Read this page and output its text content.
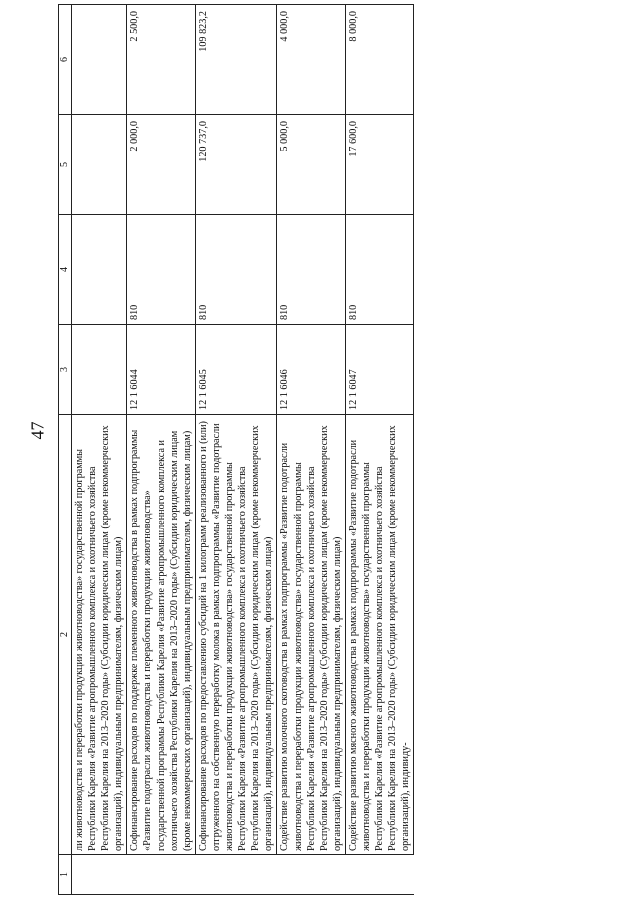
47
1	2	3	4	5	6
	ли животноводства и переработки продукции животноводства» государственной программы Республики Карелия «Развитие агропромышленного комплекса и охотничьего хозяйства Республики Карелия на 2013–2020 годы» (Субсидии юридическим лицам (кроме некоммерческих организаций), индивидуальным предпринимателям, физическим лицам)				
	Софинансирование расходов по поддержке племенного животноводства в рамках подпрограммы «Развитие подотрасли животноводства и переработки продукции животноводства» государственной программы Республики Карелия «Развитие агропромышленного комплекса и охотничьего хозяйства Республики Карелия на 2013–2020 годы» (Субсидии юридическим лицам (кроме некоммерческих организаций), индивидуальным предпринимателям, физическим лицам)	12 1 6044	810	2 000,0	2 500,0
	Софинансирование расходов по предоставлению субсидий на 1 килограмм реализованного и (или) отгруженного на собственную переработку молока в рамках подпрограммы «Развитие подотрасли животноводства и переработки продукции животноводства» государственной программы Республики Карелия «Развитие агропромышленного комплекса и охотничьего хозяйства Республики Карелия на 2013–2020 годы» (Субсидии юридическим лицам (кроме некоммерческих организаций), индивидуальным предпринимателям, физическим лицам)	12 1 6045	810	120 737,0	109 823,2
	Содействие развитию молочного скотоводства в рамках подпрограммы «Развитие подотрасли животноводства и переработки продукции животноводства» государственной программы Республики Карелия «Развитие агропромышленного комплекса и охотничьего хозяйства Республики Карелия на 2013–2020 годы» (Субсидии юридическим лицам (кроме некоммерческих организаций), индивидуальным предпринимателям, физическим лицам)	12 1 6046	810	5 000,0	4 000,0
	Содействие развитию мясного животноводства в рамках подпрограммы «Развитие подотрасли животноводства и переработки продукции животноводства» государственной программы Республики Карелия «Развитие агропромышленного комплекса и охотничьего хозяйства Республики Карелия на 2013–2020 годы» (Субсидии юридическим лицам (кроме некоммерческих организаций), индивиду-	12 1 6047	810	17 600,0	8 000,0
